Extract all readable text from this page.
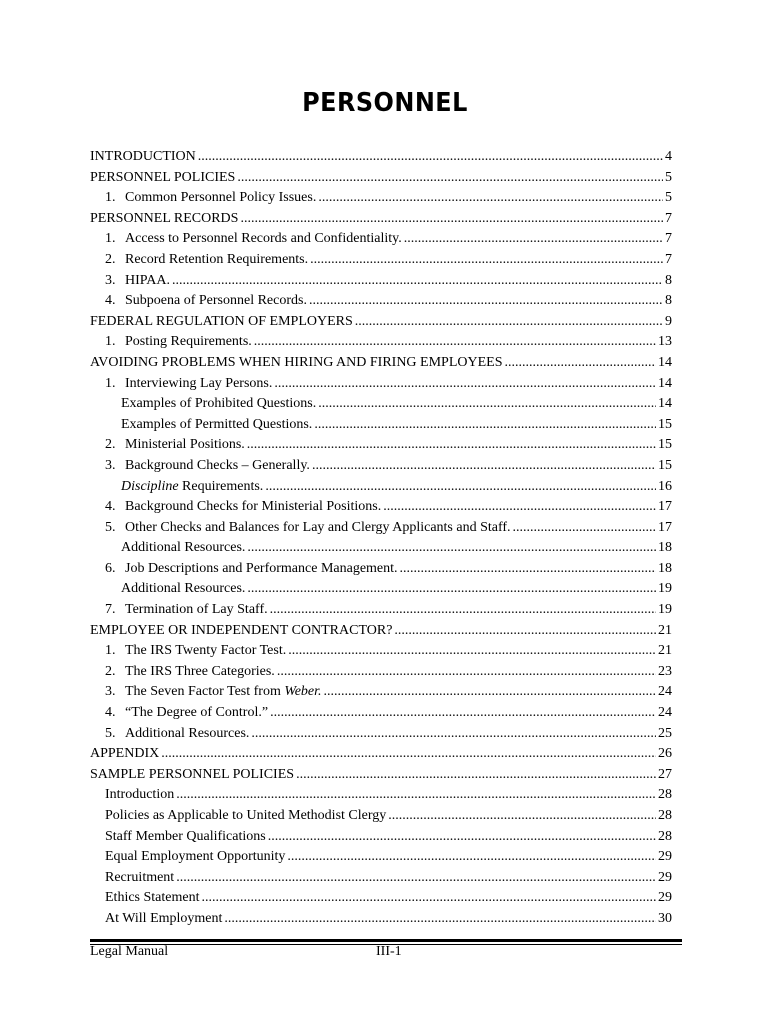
PERSONNEL
INTRODUCTION .....	4
PERSONNEL POLICIES .....	5
1. Common Personnel Policy Issues. .....	5
PERSONNEL RECORDS .....	7
1. Access to Personnel Records and Confidentiality. .....	7
2. Record Retention Requirements. .....	7
3. HIPAA. .....	8
4. Subpoena of Personnel Records. .....	8
FEDERAL REGULATION OF EMPLOYERS .....	9
1. Posting Requirements. .....	13
AVOIDING PROBLEMS WHEN HIRING AND FIRING EMPLOYEES .....	14
1. Interviewing Lay Persons. .....	14
Examples of Prohibited Questions. .....	14
Examples of Permitted Questions. .....	15
2. Ministerial Positions. .....	15
3. Background Checks – Generally. .....	15
Discipline Requirements. .....	16
4. Background Checks for Ministerial Positions. .....	17
5. Other Checks and Balances for Lay and Clergy Applicants and Staff. .....	17
Additional Resources. .....	18
6. Job Descriptions and Performance Management. .....	18
Additional Resources. .....	19
7. Termination of Lay Staff. .....	19
EMPLOYEE OR INDEPENDENT CONTRACTOR? .....	21
1. The IRS Twenty Factor Test. .....	21
2. The IRS Three Categories. .....	23
3. The Seven Factor Test from Weber. .....	24
4. “The Degree of Control.” .....	24
5. Additional Resources. .....	25
APPENDIX .....	26
SAMPLE PERSONNEL POLICIES .....	27
Introduction .....	28
Policies as Applicable to United Methodist Clergy .....	28
Staff Member Qualifications .....	28
Equal Employment Opportunity .....	29
Recruitment .....	29
Ethics Statement .....	29
At Will Employment .....	30
Legal Manual	III-1
